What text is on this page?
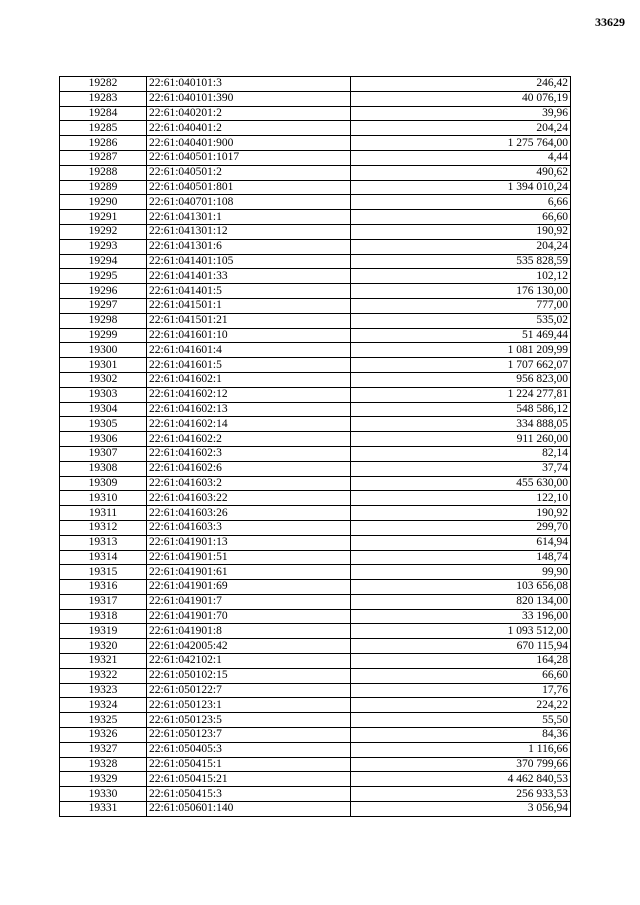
33629
19282	22:61:040101:3	246,42
19283	22:61:040101:390	40 076,19
19284	22:61:040201:2	39,96
19285	22:61:040401:2	204,24
19286	22:61:040401:900	1 275 764,00
19287	22:61:040501:1017	4,44
19288	22:61:040501:2	490,62
19289	22:61:040501:801	1 394 010,24
19290	22:61:040701:108	6,66
19291	22:61:041301:1	66,60
19292	22:61:041301:12	190,92
19293	22:61:041301:6	204,24
19294	22:61:041401:105	535 828,59
19295	22:61:041401:33	102,12
19296	22:61:041401:5	176 130,00
19297	22:61:041501:1	777,00
19298	22:61:041501:21	535,02
19299	22:61:041601:10	51 469,44
19300	22:61:041601:4	1 081 209,99
19301	22:61:041601:5	1 707 662,07
19302	22:61:041602:1	956 823,00
19303	22:61:041602:12	1 224 277,81
19304	22:61:041602:13	548 586,12
19305	22:61:041602:14	334 888,05
19306	22:61:041602:2	911 260,00
19307	22:61:041602:3	82,14
19308	22:61:041602:6	37,74
19309	22:61:041603:2	455 630,00
19310	22:61:041603:22	122,10
19311	22:61:041603:26	190,92
19312	22:61:041603:3	299,70
19313	22:61:041901:13	614,94
19314	22:61:041901:51	148,74
19315	22:61:041901:61	99,90
19316	22:61:041901:69	103 656,08
19317	22:61:041901:7	820 134,00
19318	22:61:041901:70	33 196,00
19319	22:61:041901:8	1 093 512,00
19320	22:61:042005:42	670 115,94
19321	22:61:042102:1	164,28
19322	22:61:050102:15	66,60
19323	22:61:050122:7	17,76
19324	22:61:050123:1	224,22
19325	22:61:050123:5	55,50
19326	22:61:050123:7	84,36
19327	22:61:050405:3	1 116,66
19328	22:61:050415:1	370 799,66
19329	22:61:050415:21	4 462 840,53
19330	22:61:050415:3	256 933,53
19331	22:61:050601:140	3 056,94
